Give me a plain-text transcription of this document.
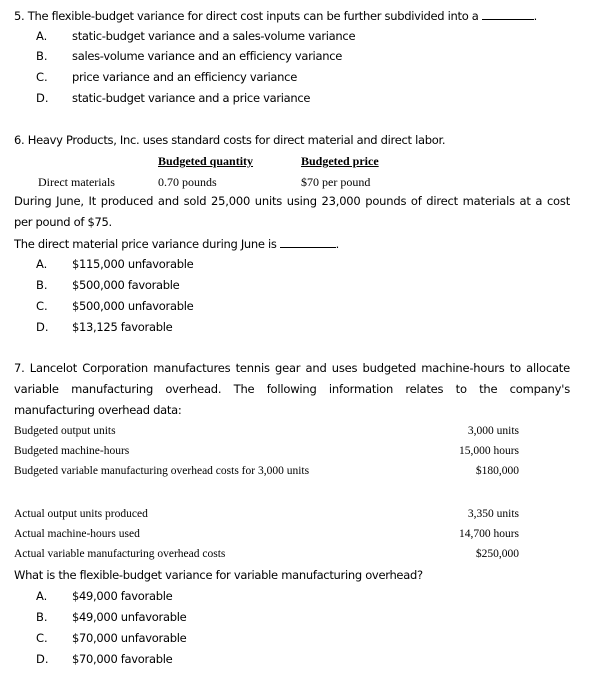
5. The flexible-budget variance for direct cost inputs can be further subdivided into a	.
A. static-budget variance and a sales-volume variance
B. sales-volume variance and an efficiency variance
C. price variance and an efficiency variance
D. static-budget variance and a price variance
6. Heavy Products, Inc. uses standard costs for direct material and direct labor.
Budgeted quantity	Budgeted price
Direct materials	0.70 pounds	$70 per pound
During June, It produced and sold 25,000 units using 23,000 pounds of direct materials at a cost
per pound of $75.
The direct material price variance during June is	.
A. $115,000 unfavorable
B. $500,000 favorable
C. $500,000 unfavorable
D. $13,125 favorable
7. Lancelot Corporation manufactures tennis gear and uses budgeted machine-hours to allocate
variable manufacturing overhead. The following information relates to the company's
manufacturing overhead data:
Budgeted output units	3,000 units
Budgeted machine-hours	15,000 hours
Budgeted variable manufacturing overhead costs for 3,000 units	$180,000
Actual output units produced	3,350 units
Actual machine-hours used	14,700 hours
Actual variable manufacturing overhead costs	$250,000
What is the flexible-budget variance for variable manufacturing overhead?
A. $49,000 favorable
B. $49,000 unfavorable
C. $70,000 unfavorable
D. $70,000 favorable
